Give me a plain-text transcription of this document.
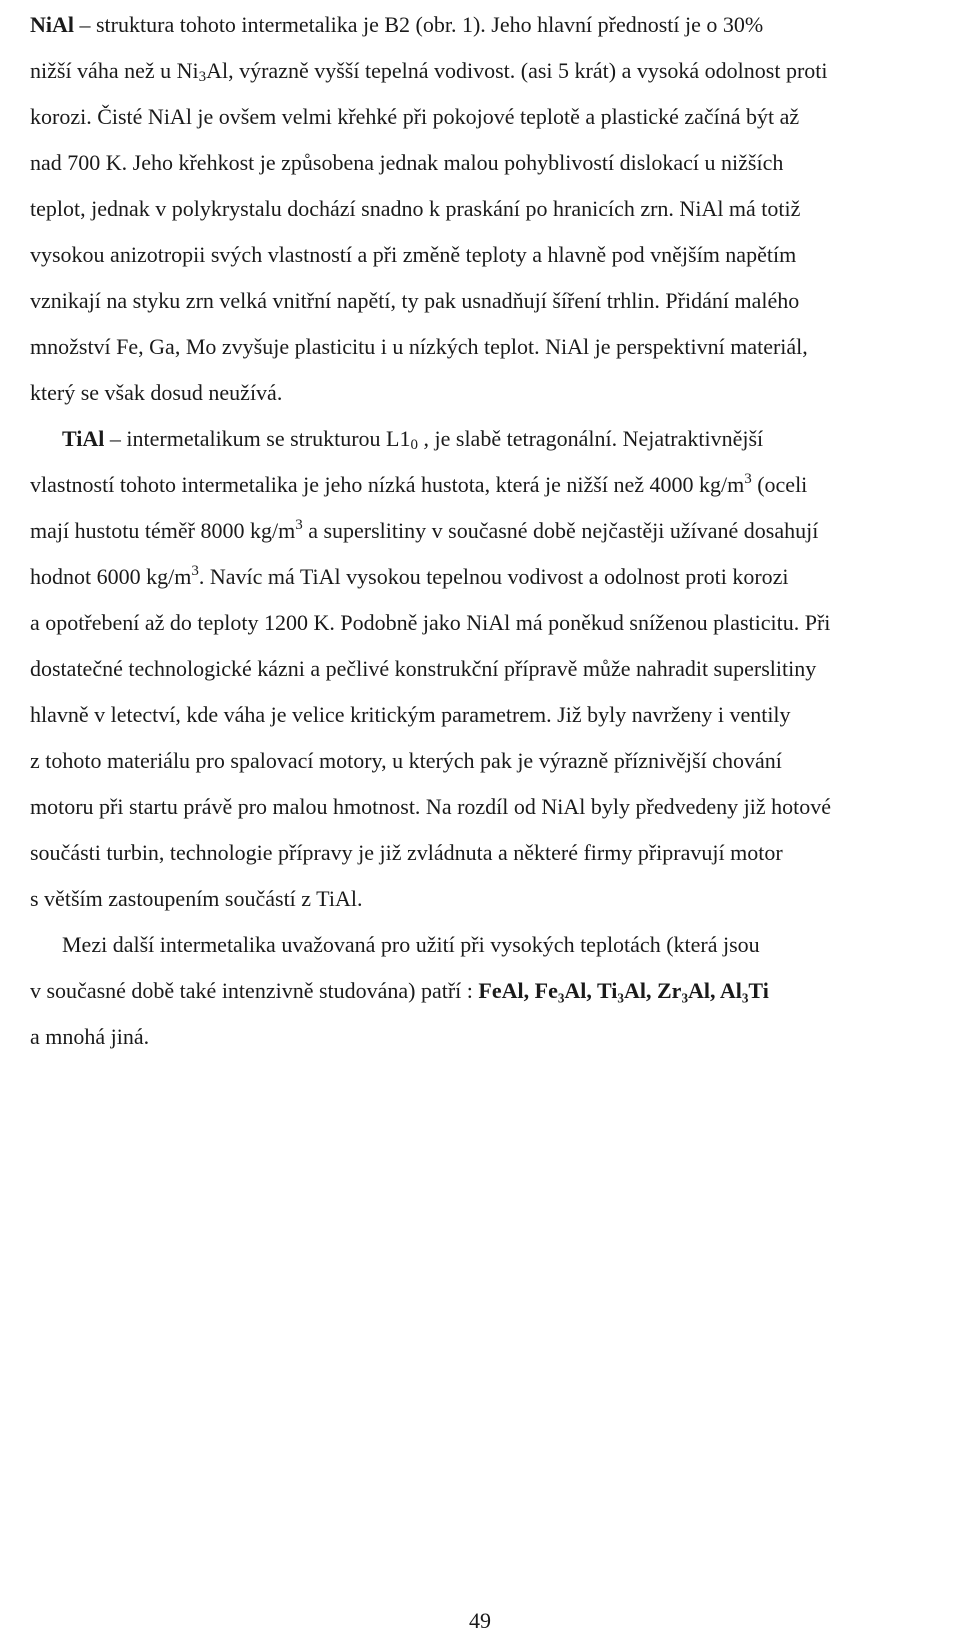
NiAl – struktura tohoto intermetalika je B2 (obr. 1). Jeho hlavní předností je o 30%
nižší váha než u $Ni_3Al$, výrazně vyšší tepelná vodivost. (asi 5 krát) a vysoká odolnost proti
korozi. Čisté NiAl je ovšem velmi křehké při pokojové teplotě a plastické začíná být až
nad 700 K. Jeho křehkost je způsobena jednak malou pohyblivostí dislokací u nižších
teplot, jednak v polykrystalu dochází snadno k praskání po hranicích zrn. NiAl má totiž
vysokou anizotropii svých vlastností a při změně teploty a hlavně pod vnějším napětím
vznikají na styku zrn velká vnitřní napětí, ty pak usnadňují šíření trhlin. Přidání malého
množství Fe, Ga, Mo zvyšuje plasticitu i u nízkých teplot. NiAl je perspektivní materiál,
který se však dosud neužívá.
TiAl – intermetalikum se strukturou $L1_0$ , je slabě tetragonální. Nejatraktivnější
vlastností tohoto intermetalika je jeho nízká hustota, která je nižší než 4000 $kg/m^3$ (oceli
mají hustotu téměř 8000 $kg/m^3$ a superslitiny v současné době nejčastěji užívané dosahují
hodnot 6000 $kg/m^3$. Navíc má TiAl vysokou tepelnou vodivost a odolnost proti korozi
a opotřebení až do teploty 1200 K. Podobně jako NiAl má poněkud sníženou plasticitu. Při
dostatečné technologické kázni a pečlivé konstrukční přípravě může nahradit superslitiny
hlavně v letectví, kde váha je velice kritickým parametrem. Již byly navrženy i ventily
z tohoto materiálu pro spalovací motory, u kterých pak je výrazně příznivější chování
motoru při startu právě pro malou hmotnost. Na rozdíl od NiAl byly předvedeny již hotové
součásti turbin, technologie přípravy je již zvládnuta a některé firmy připravují motor
s větším zastoupením součástí z TiAl.
Mezi další intermetalika uvažovaná pro užití při vysokých teplotách (která jsou
v současné době také intenzivně studována) patří : FeAl, Fe₃Al, Ti₃Al, Zr₃Al, Al₃Ti
a mnohá jiná.
49
